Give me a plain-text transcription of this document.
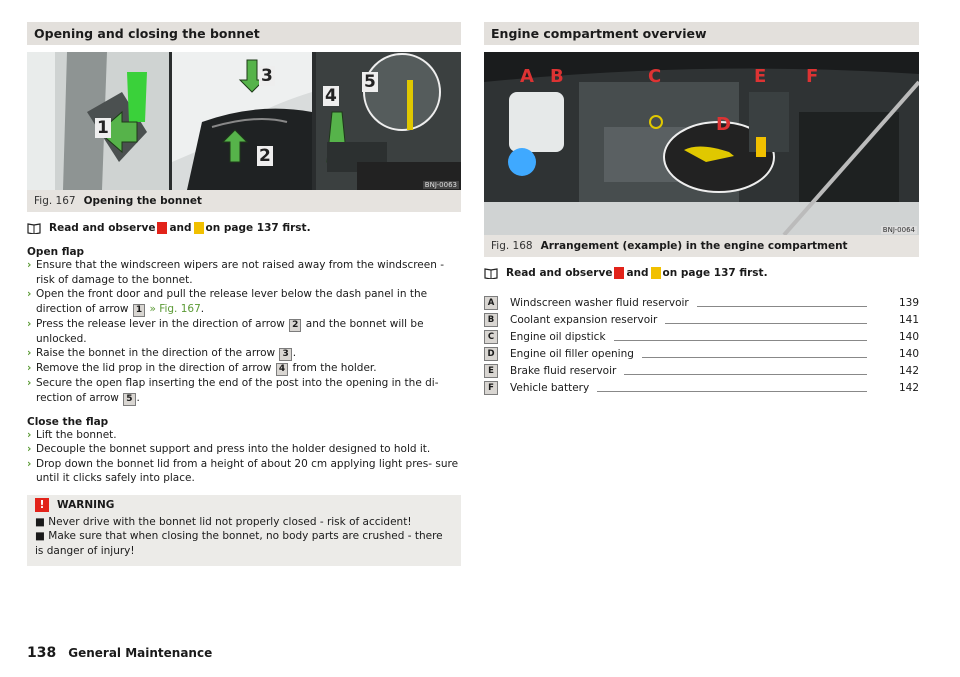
Opening and closing the bonnet
1
2
3
4
5
BNJ-0063
Fig. 167 Opening the bonnet
Read and observe and on page 137 first.
Open flap
› Ensure that the windscreen wipers are not raised away from the windscreen - risk of damage to the bonnet.
› Open the front door and pull the release lever below the dash panel in the direction of arrow 1 » Fig. 167.
› Press the release lever in the direction of arrow 2 and the bonnet will be unlocked.
› Raise the bonnet in the direction of the arrow 3 .
› Remove the lid prop in the direction of arrow 4 from the holder.
› Secure the open flap inserting the end of the post into the opening in the di- rection of arrow 5 .
Close the flap
› Lift the bonnet.
› Decouple the bonnet support and press into the holder designed to hold it.
› Drop down the bonnet lid from a height of about 20 cm applying light pres- sure until it clicks safely into place.
!	WARNING
■ Never drive with the bonnet lid not properly closed - risk of accident!
■ Make sure that when closing the bonnet, no body parts are crushed - there is danger of injury!
Engine compartment overview
A B	C
D
E F
BNJ-0064
Fig. 168 Arrangement (example) in the engine compartment
Read and observe and on page 137 first.
A	Windscreen washer fluid reservoir	139
B	Coolant expansion reservoir	141
C	Engine oil dipstick	140
D	Engine oil filler opening	140
E	Brake fluid reservoir	142
F	Vehicle battery	142
138 General Maintenance
